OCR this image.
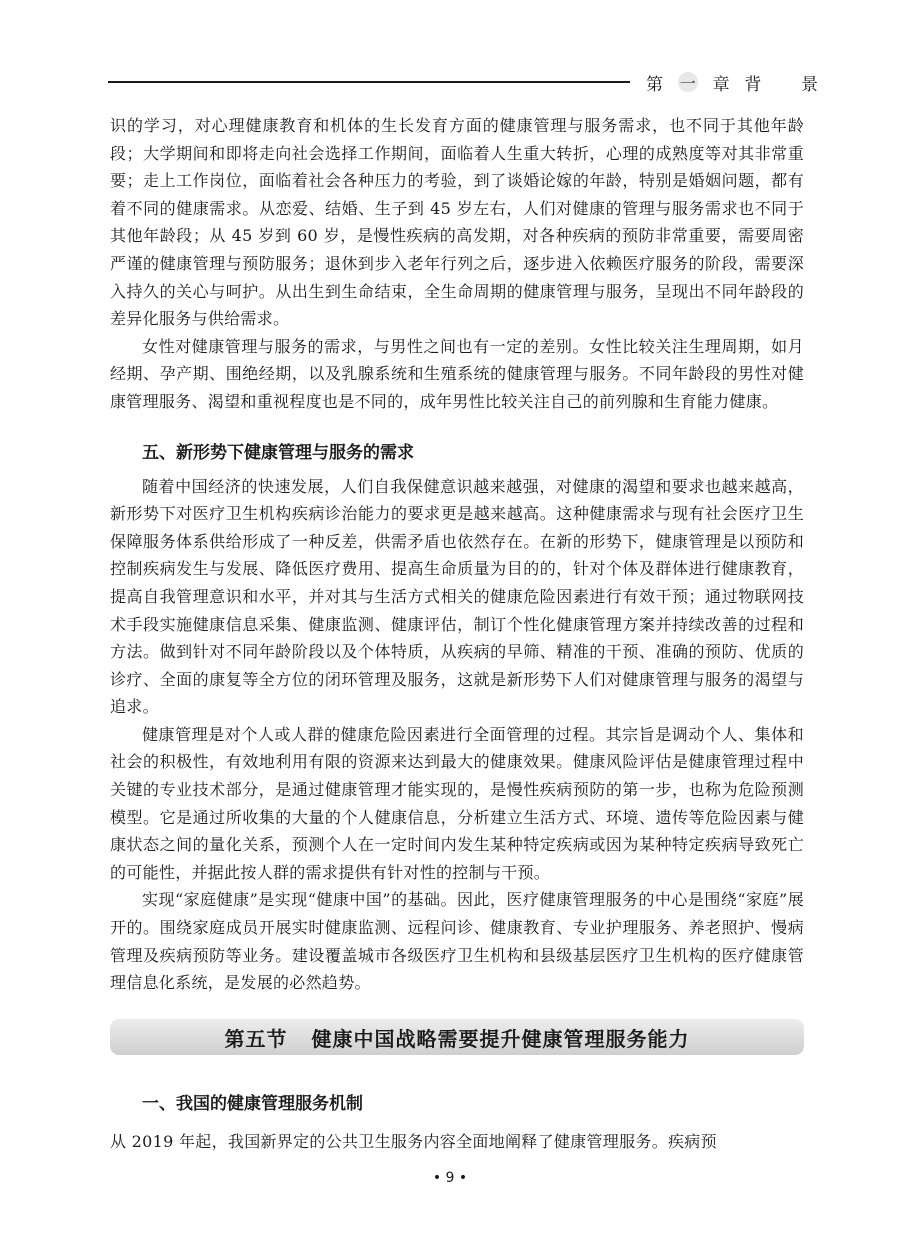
第 一 章 背 景

识的学习，对心理健康教育和机体的生长发育方面的健康管理与服务需求，也不同于其他年龄段；大学期间和即将走向社会选择工作期间，面临着人生重大转折，心理的成熟度等对其非常重要；走上工作岗位，面临着社会各种压力的考验，到了谈婚论嫁的年龄，特别是婚姻问题，都有着不同的健康需求。从恋爱、结婚、生子到 45 岁左右，人们对健康的管理与服务需求也不同于其他年龄段；从 45 岁到 60 岁，是慢性疾病的高发期，对各种疾病的预防非常重要，需要周密严谨的健康管理与预防服务；退休到步入老年行列之后，逐步进入依赖医疗服务的阶段，需要深入持久的关心与呵护。从出生到生命结束，全生命周期的健康管理与服务，呈现出不同年龄段的差异化服务与供给需求。

女性对健康管理与服务的需求，与男性之间也有一定的差别。女性比较关注生理周期，如月经期、孕产期、围绝经期，以及乳腺系统和生殖系统的健康管理与服务。不同年龄段的男性对健康管理服务、渴望和重视程度也是不同的，成年男性比较关注自己的前列腺和生育能力健康。

五、新形势下健康管理与服务的需求

随着中国经济的快速发展，人们自我保健意识越来越强，对健康的渴望和要求也越来越高，新形势下对医疗卫生机构疾病诊治能力的要求更是越来越高。这种健康需求与现有社会医疗卫生保障服务体系供给形成了一种反差，供需矛盾也依然存在。在新的形势下，健康管理是以预防和控制疾病发生与发展、降低医疗费用、提高生命质量为目的的，针对个体及群体进行健康教育，提高自我管理意识和水平，并对其与生活方式相关的健康危险因素进行有效干预；通过物联网技术手段实施健康信息采集、健康监测、健康评估，制订个性化健康管理方案并持续改善的过程和方法。做到针对不同年龄阶段以及个体特质，从疾病的早筛、精准的干预、准确的预防、优质的诊疗、全面的康复等全方位的闭环管理及服务，这就是新形势下人们对健康管理与服务的渴望与追求。

健康管理是对个人或人群的健康危险因素进行全面管理的过程。其宗旨是调动个人、集体和社会的积极性，有效地利用有限的资源来达到最大的健康效果。健康风险评估是健康管理过程中关键的专业技术部分，是通过健康管理才能实现的，是慢性疾病预防的第一步，也称为危险预测模型。它是通过所收集的大量的个人健康信息，分析建立生活方式、环境、遗传等危险因素与健康状态之间的量化关系，预测个人在一定时间内发生某种特定疾病或因为某种特定疾病导致死亡的可能性，并据此按人群的需求提供有针对性的控制与干预。

实现“家庭健康”是实现“健康中国”的基础。因此，医疗健康管理服务的中心是围绕“家庭”展开的。围绕家庭成员开展实时健康监测、远程问诊、健康教育、专业护理服务、养老照护、慢病管理及疾病预防等业务。建设覆盖城市各级医疗卫生机构和县级基层医疗卫生机构的医疗健康管理信息化系统，是发展的必然趋势。

第五节 健康中国战略需要提升健康管理服务能力
一、我国的健康管理服务机制

从 2019 年起，我国新界定的公共卫生服务内容全面地阐释了健康管理服务。疾病预

• 9 •
